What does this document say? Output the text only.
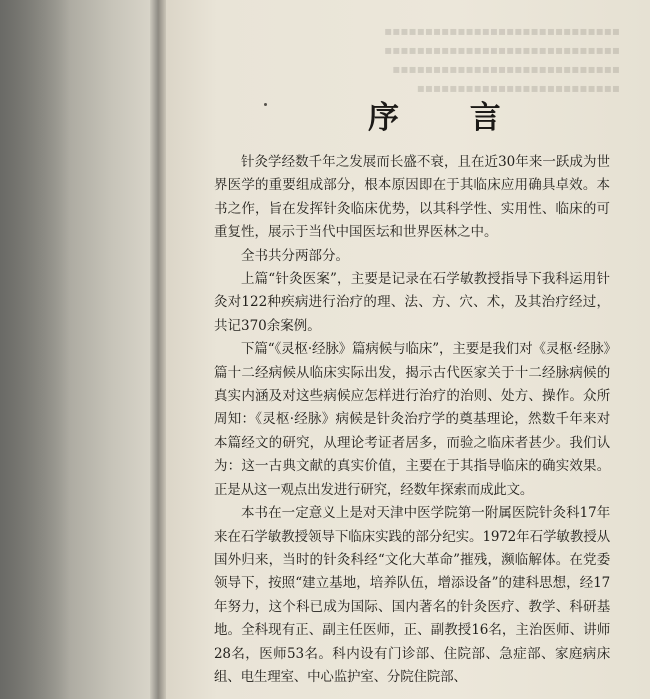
▪▪▪▪▪▪▪▪▪▪▪▪▪▪▪▪▪▪▪▪▪▪▪▪▪▪▪▪▪
▪▪▪▪▪▪▪▪▪▪▪▪▪▪▪▪▪▪▪▪▪▪▪▪▪▪▪▪▪
▪▪▪▪▪▪▪▪▪▪▪▪▪▪▪▪▪▪▪▪▪▪▪▪▪▪▪▪
▪▪▪▪▪▪▪▪▪▪▪▪▪▪▪▪▪▪▪▪▪▪▪▪▪
序 言

针灸学经数千年之发展而长盛不衰，且在近30年来一跃成为世界医学的重要组成部分，根本原因即在于其临床应用确具卓效。本书之作，旨在发挥针灸临床优势，以其科学性、实用性、临床的可重复性，展示于当代中国医坛和世界医林之中。

全书共分两部分。

上篇“针灸医案”，主要是记录在石学敏教授指导下我科运用针灸对122种疾病进行治疗的理、法、方、穴、术，及其治疗经过，共记370余案例。

下篇“《灵枢·经脉》篇病候与临床”，主要是我们对《灵枢·经脉》篇十二经病候从临床实际出发，揭示古代医家关于十二经脉病候的真实内涵及对这些病候应怎样进行治疗的治则、处方、操作。众所周知：《灵枢·经脉》病候是针灸治疗学的奠基理论，然数千年来对本篇经文的研究，从理论考证者居多，而验之临床者甚少。我们认为：这一古典文献的真实价值，主要在于其指导临床的确实效果。正是从这一观点出发进行研究，经数年探索而成此文。

本书在一定意义上是对天津中医学院第一附属医院针灸科17年来在石学敏教授领导下临床实践的部分纪实。1972年石学敏教授从国外归来，当时的针灸科经“文化大革命”摧残，濒临解体。在党委领导下，按照“建立基地，培养队伍，增添设备”的建科思想，经17年努力，这个科已成为国际、国内著名的针灸医疗、教学、科研基地。全科现有正、副主任医师，正、副教授16名，主治医师、讲师28名，医师53名。科内设有门诊部、住院部、急症部、家庭病床组、电生理室、中心监护室、分院住院部、
